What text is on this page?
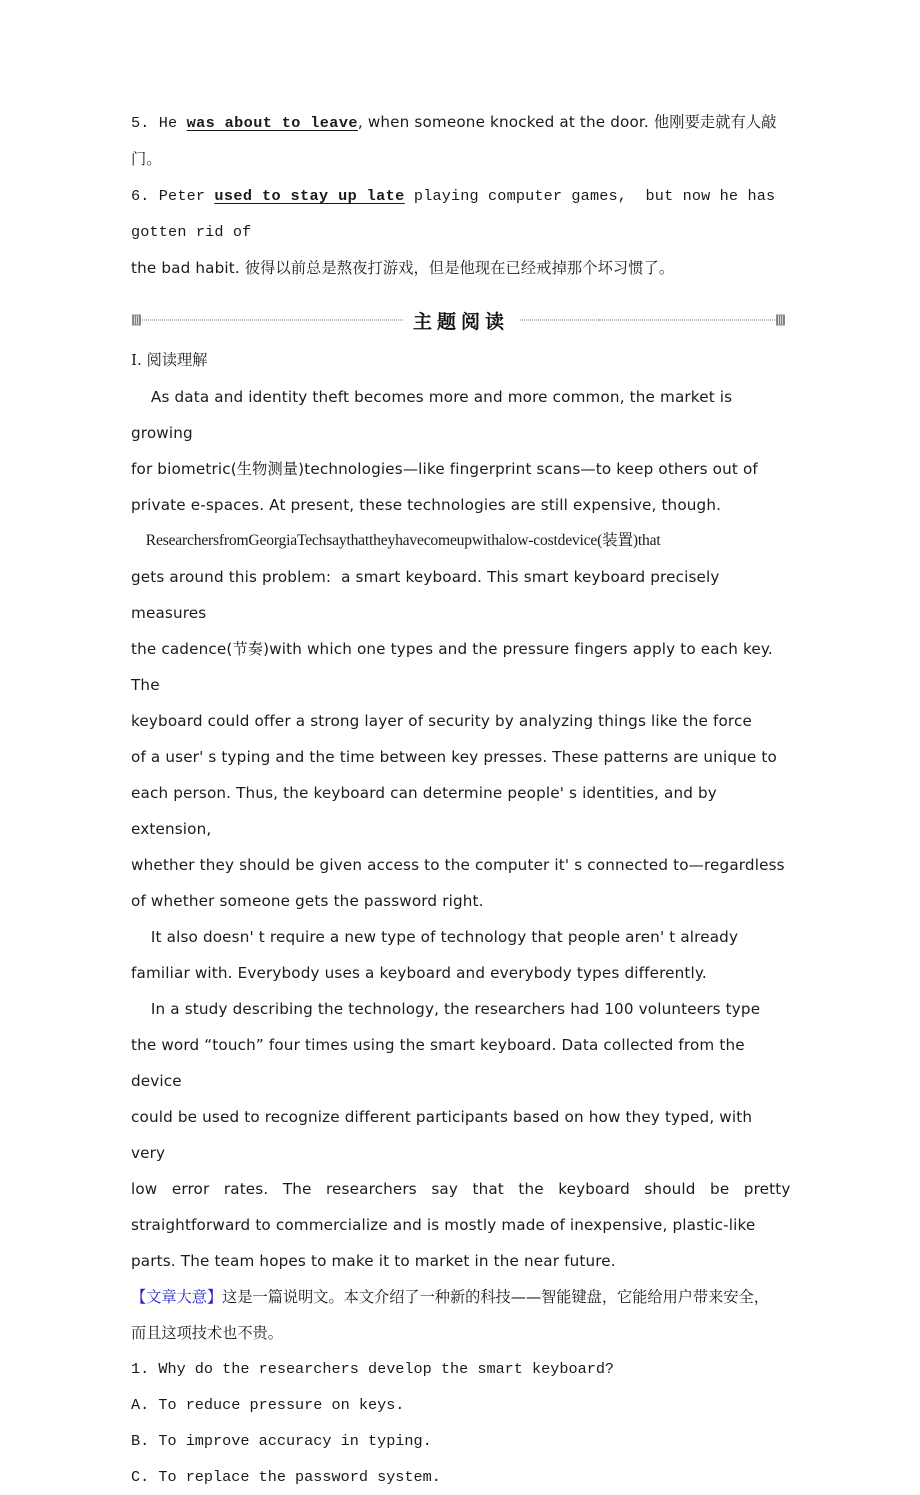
5. He was about to leave, when someone knocked at the door. 他刚要走就有人敲门。
6. Peter used to stay up late playing computer games,  but now he has gotten rid of
the bad habit. 彼得以前总是熬夜打游戏，但是他现在已经戒掉那个坏习惯了。
主题阅读
Ⅰ. 阅读理解
As data and identity theft becomes more and more common, the market is growing
for biometric(生物测量)technologies—like fingerprint scans—to keep others out of
private e-spaces. At present, these technologies are still expensive, though.
ResearchersfromGeorgiaTechsaythattheyhavecomeupwithalow-costdevice(装置)that
gets around this problem:  a smart keyboard. This smart keyboard precisely measures
the cadence(节奏)with which one types and the pressure fingers apply to each key. The
keyboard could offer a strong layer of security by analyzing things like the force
of a user' s typing and the time between key presses. These patterns are unique to
each person. Thus, the keyboard can determine people' s identities, and by extension,
whether they should be given access to the computer it' s connected to—regardless
of whether someone gets the password right.
It also doesn' t require a new type of technology that people aren' t already
familiar with. Everybody uses a keyboard and everybody types differently.
In a study describing the technology, the researchers had 100 volunteers type
the word “touch” four times using the smart keyboard. Data collected from the device
could be used to recognize different participants based on how they typed, with very
low error rates. The researchers say that the keyboard should be pretty
straightforward to commercialize and is mostly made of inexpensive, plastic-like
parts. The team hopes to make it to market in the near future.
【文章大意】这是一篇说明文。本文介绍了一种新的科技——智能键盘，它能给用户带来安全，
而且这项技术也不贵。
1. Why do the researchers develop the smart keyboard?
A. To reduce pressure on keys.
B. To improve accuracy in typing.
C. To replace the password system.
